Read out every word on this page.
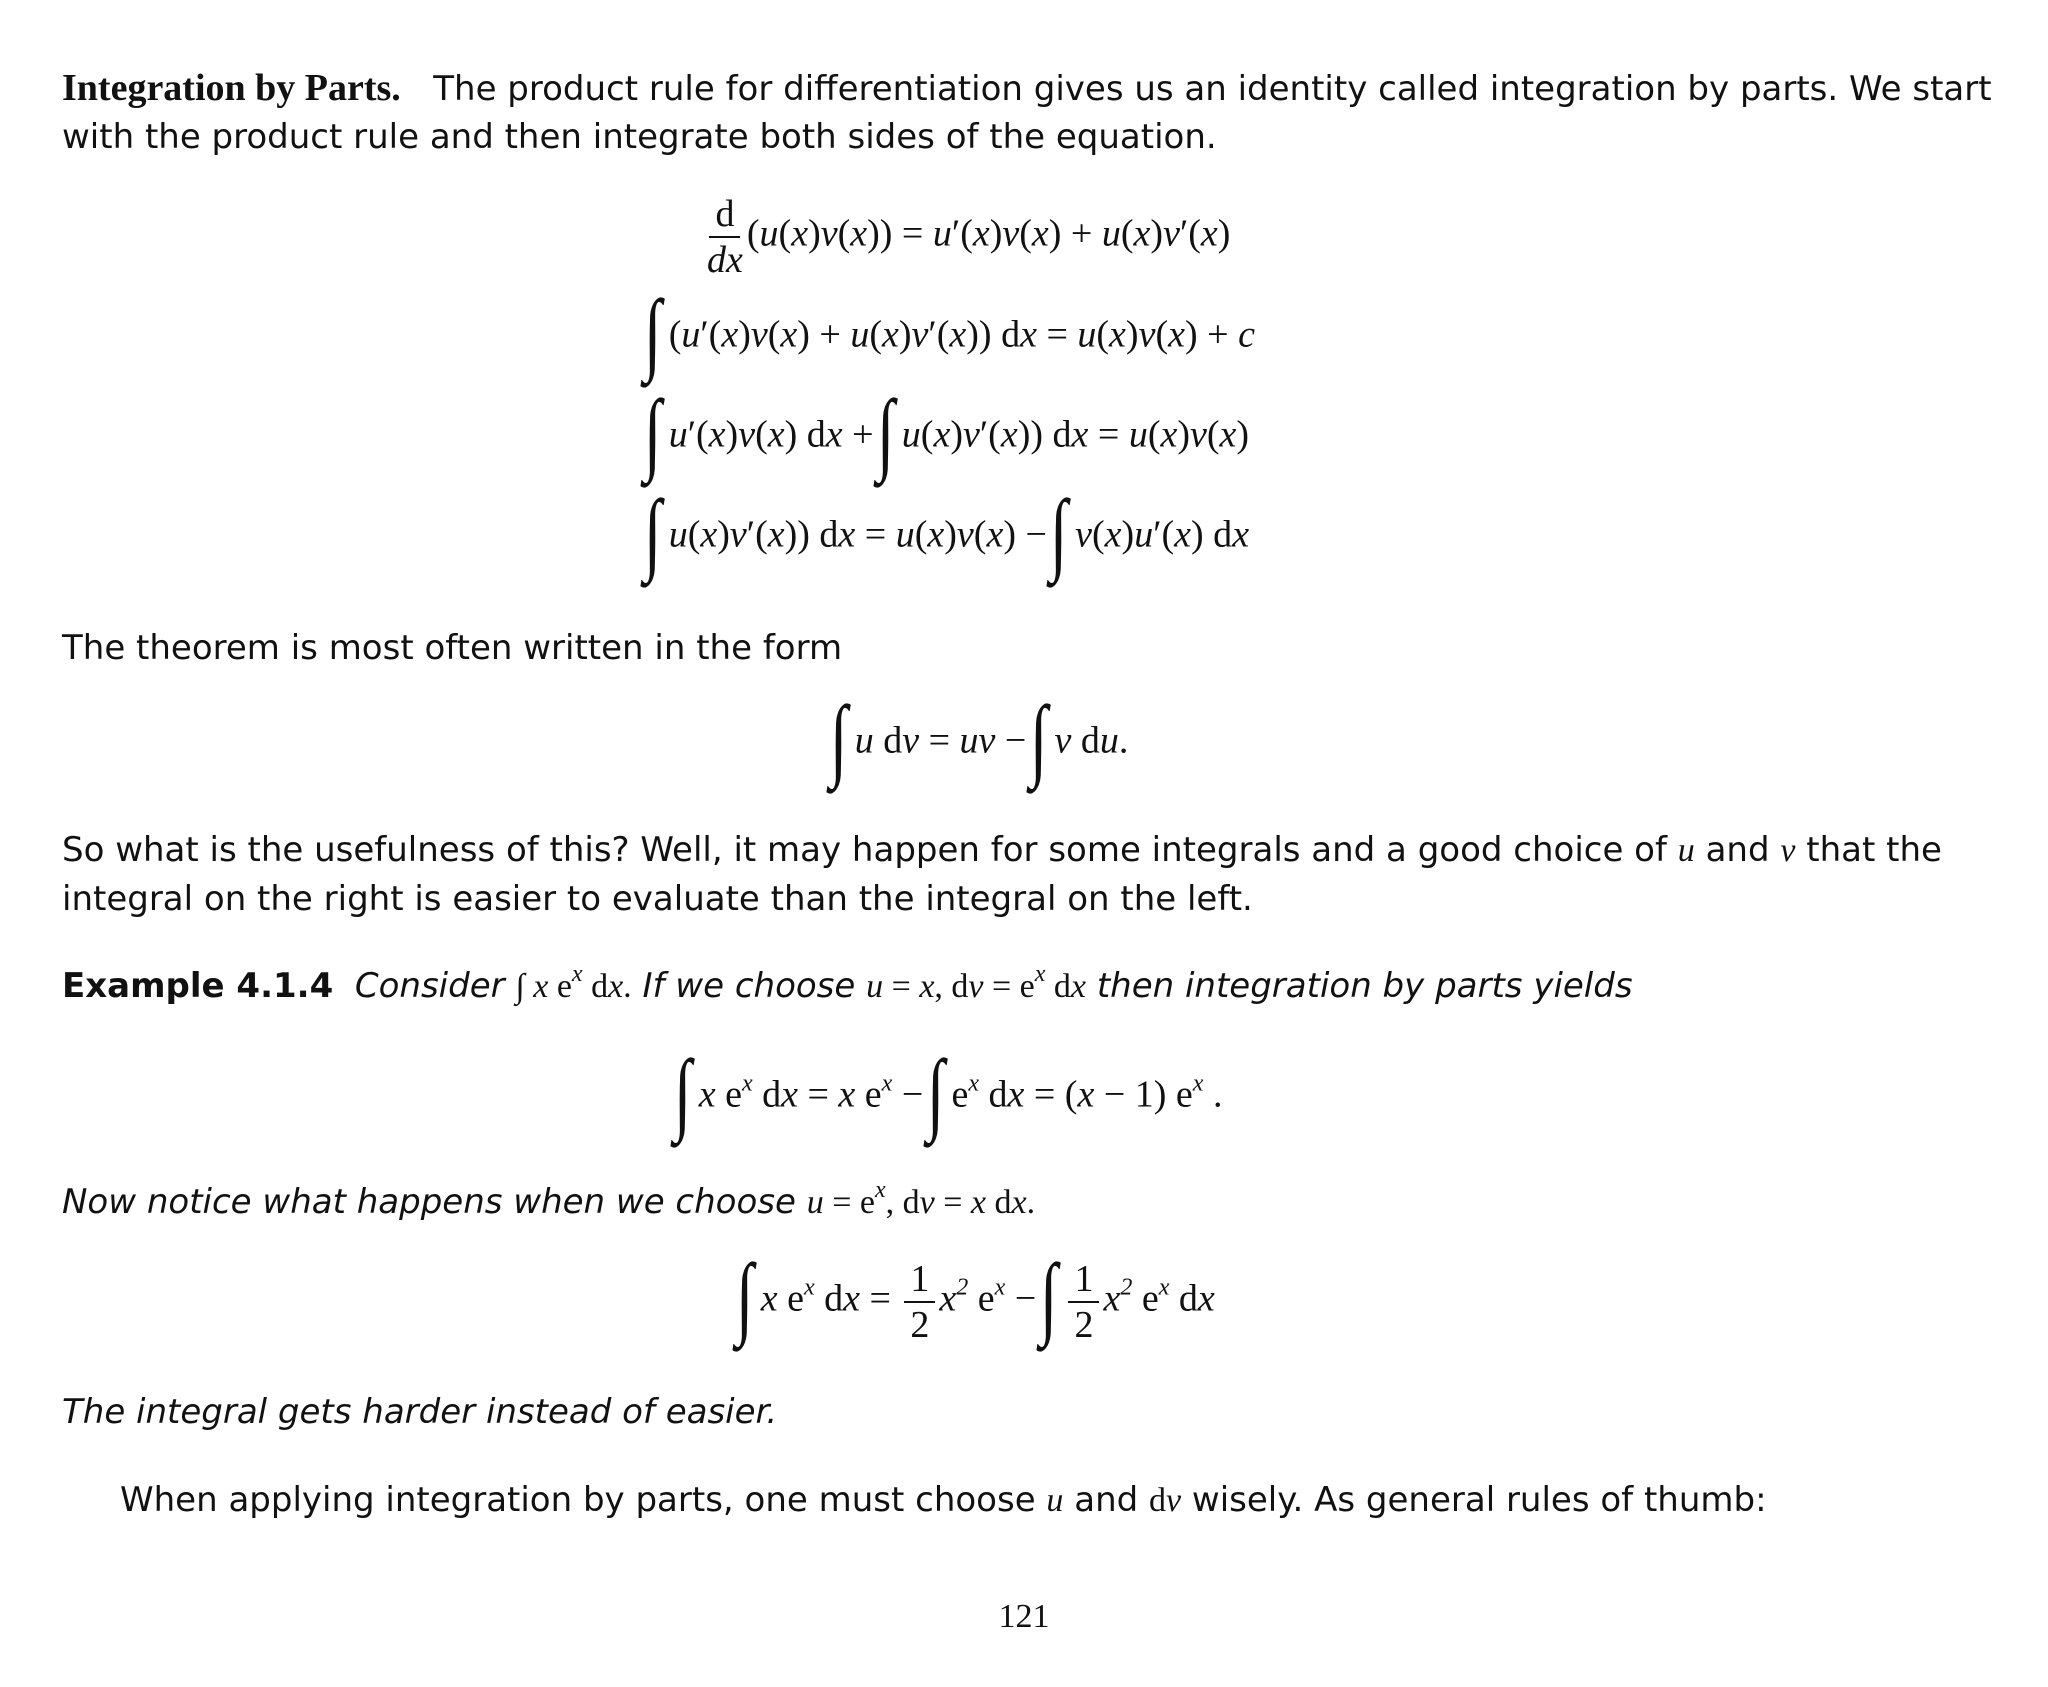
Integration by Parts. The product rule for differentiation gives us an identity called integration by parts. We start with the product rule and then integrate both sides of the equation.
$\frac{d}{dx} (u(x)v(x)) = u'(x)v(x) + u(x)v'(x)$
∫ (u′(x)v(x) + u(x)v′(x)) dx = u(x)v(x) + c
∫ u′(x)v(x) dx + ∫ u(x)v′(x)) dx = u(x)v(x)
∫ u(x)v′(x)) dx = u(x)v(x) − ∫ v(x)u′(x) dx
The theorem is most often written in the form
∫ u dv = uv − ∫ v du.
So what is the usefulness of this? Well, it may happen for some integrals and a good choice of u and v that the integral on the right is easier to evaluate than the integral on the left.
Example 4.1.4 Consider ∫ x $e^x$ dx. If we choose u = x, dv = $e^x$ dx then integration by parts yields
∫ x $e^x$ dx = x $e^x$ − ∫ $e^x$ dx = (x − 1) $e^x$ .
Now notice what happens when we choose $u = e^x$, dv = x dx.
∫ x $e^x$ dx = $\frac{1}{2} x^2$ $e^x$ − ∫ $\frac{1}{2} x^2$ $e^x$ dx
The integral gets harder instead of easier.
When applying integration by parts, one must choose u and dv wisely. As general rules of thumb:
121
